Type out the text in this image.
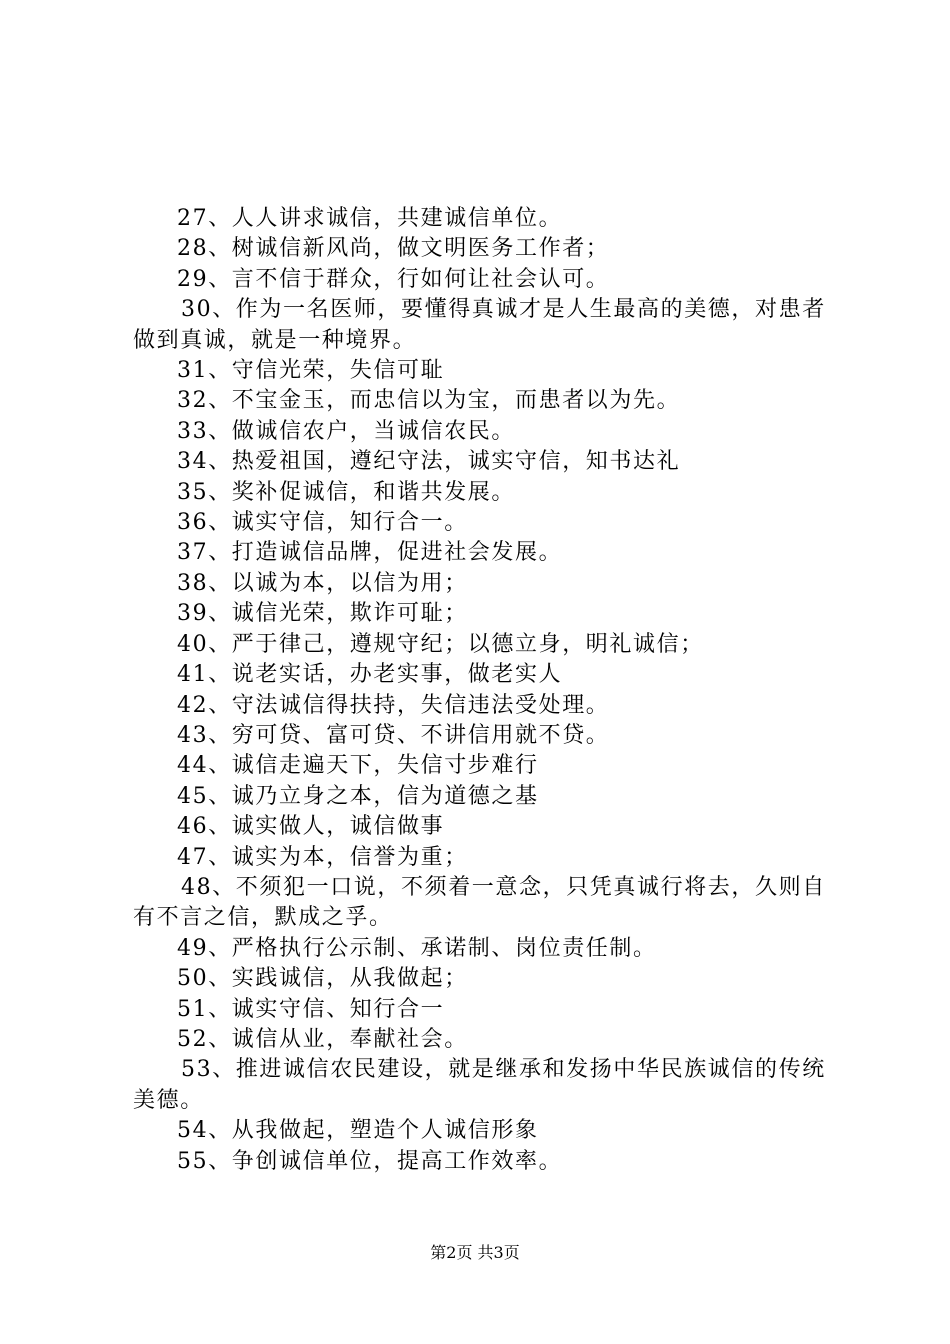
27、人人讲求诚信，共建诚信单位。
28、树诚信新风尚，做文明医务工作者；
29、言不信于群众，行如何让社会认可。
30、作为一名医师，要懂得真诚才是人生最高的美德，对患者做到真诚，就是一种境界。
31、守信光荣，失信可耻
32、不宝金玉，而忠信以为宝，而患者以为先。
33、做诚信农户，当诚信农民。
34、热爱祖国，遵纪守法，诚实守信，知书达礼
35、奖补促诚信，和谐共发展。
36、诚实守信，知行合一。
37、打造诚信品牌，促进社会发展。
38、以诚为本，以信为用；
39、诚信光荣，欺诈可耻；
40、严于律己，遵规守纪；以德立身，明礼诚信；
41、说老实话，办老实事，做老实人
42、守法诚信得扶持，失信违法受处理。
43、穷可贷、富可贷、不讲信用就不贷。
44、诚信走遍天下，失信寸步难行
45、诚乃立身之本，信为道德之基
46、诚实做人，诚信做事
47、诚实为本，信誉为重；
48、不须犯一口说，不须着一意念，只凭真诚行将去，久则自有不言之信，默成之孚。
49、严格执行公示制、承诺制、岗位责任制。
50、实践诚信，从我做起；
51、诚实守信、知行合一
52、诚信从业，奉献社会。
53、推进诚信农民建设，就是继承和发扬中华民族诚信的传统美德。
54、从我做起，塑造个人诚信形象
55、争创诚信单位，提高工作效率。
第2页 共3页
